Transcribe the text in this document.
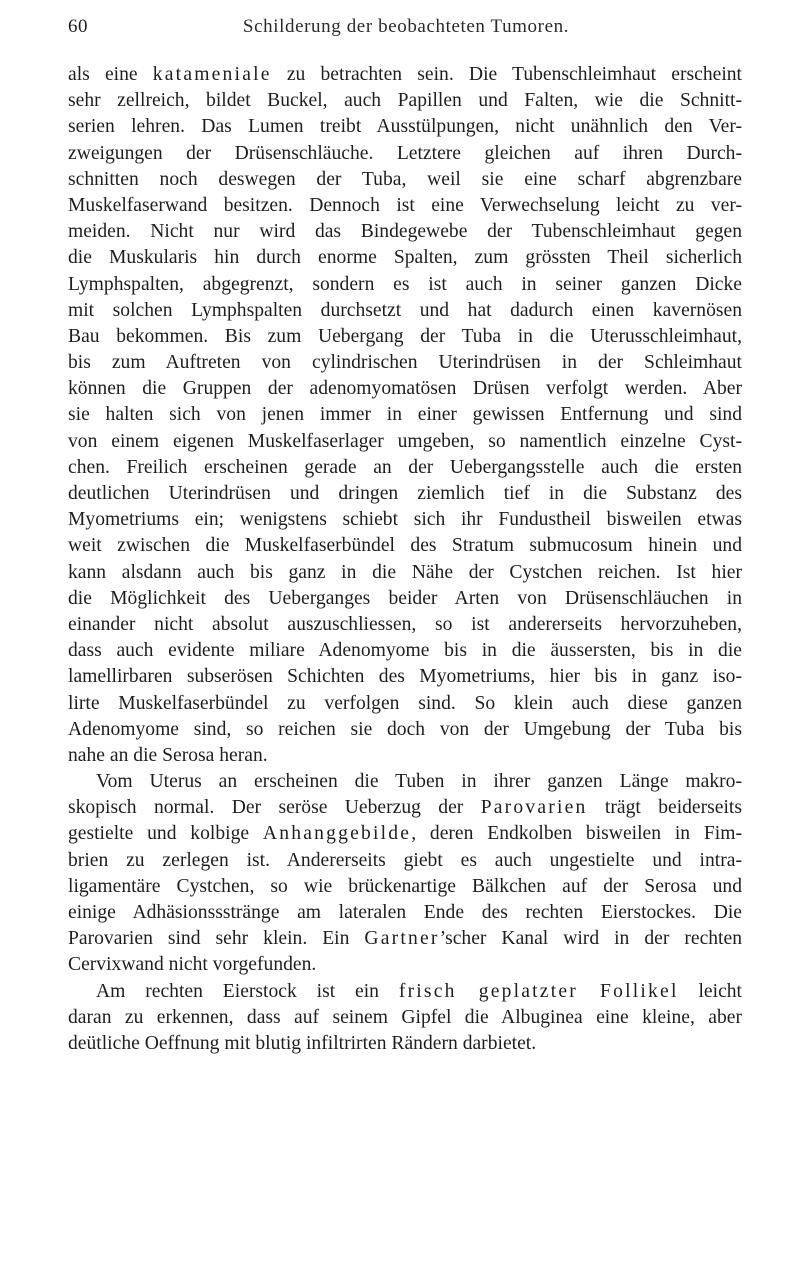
60	Schilderung der beobachteten Tumoren.
als eine katameniale zu betrachten sein. Die Tubenschleimhaut erscheint
sehr zellreich, bildet Buckel, auch Papillen und Falten, wie die Schnitt-
serien lehren. Das Lumen treibt Ausstülpungen, nicht unähnlich den Ver-
zweigungen der Drüsenschläuche. Letztere gleichen auf ihren Durch-
schnitten noch deswegen der Tuba, weil sie eine scharf abgrenzbare
Muskelfaserwand besitzen. Dennoch ist eine Verwechselung leicht zu ver-
meiden. Nicht nur wird das Bindegewebe der Tubenschleimhaut gegen
die Muskularis hin durch enorme Spalten, zum grössten Theil sicherlich
Lymphspalten, abgegrenzt, sondern es ist auch in seiner ganzen Dicke
mit solchen Lymphspalten durchsetzt und hat dadurch einen kavernösen
Bau bekommen. Bis zum Uebergang der Tuba in die Uterusschleimhaut,
bis zum Auftreten von cylindrischen Uterindrüsen in der Schleimhaut
können die Gruppen der adenomyomatösen Drüsen verfolgt werden. Aber
sie halten sich von jenen immer in einer gewissen Entfernung und sind
von einem eigenen Muskelfaserlager umgeben, so namentlich einzelne Cyst-
chen. Freilich erscheinen gerade an der Uebergangsstelle auch die ersten
deutlichen Uterindrüsen und dringen ziemlich tief in die Substanz des
Myometriums ein; wenigstens schiebt sich ihr Fundustheil bisweilen etwas
weit zwischen die Muskelfaserbündel des Stratum submucosum hinein und
kann alsdann auch bis ganz in die Nähe der Cystchen reichen. Ist hier
die Möglichkeit des Ueberganges beider Arten von Drüsenschläuchen in
einander nicht absolut auszuschliessen, so ist andererseits hervorzuheben,
dass auch evidente miliare Adenomyome bis in die äussersten, bis in die
lamellirbaren subserösen Schichten des Myometriums, hier bis in ganz iso-
lirte Muskelfaserbündel zu verfolgen sind. So klein auch diese ganzen
Adenomyome sind, so reichen sie doch von der Umgebung der Tuba bis
nahe an die Serosa heran.
Vom Uterus an erscheinen die Tuben in ihrer ganzen Länge makro-
skopisch normal. Der seröse Ueberzug der Parovarien trägt beiderseits
gestielte und kolbige Anhanggebilde, deren Endkolben bisweilen in Fim-
brien zu zerlegen ist. Andererseits giebt es auch ungestielte und intra-
ligamentäre Cystchen, so wie brückenartige Bälkchen auf der Serosa und
einige Adhäsionssstränge am lateralen Ende des rechten Eierstockes. Die
Parovarien sind sehr klein. Ein Gartner’scher Kanal wird in der rechten
Cervixwand nicht vorgefunden.
Am rechten Eierstock ist ein frisch geplatzter Follikel leicht
daran zu erkennen, dass auf seinem Gipfel die Albuginea eine kleine, aber
deütliche Oeffnung mit blutig infiltrirten Rändern darbietet.
